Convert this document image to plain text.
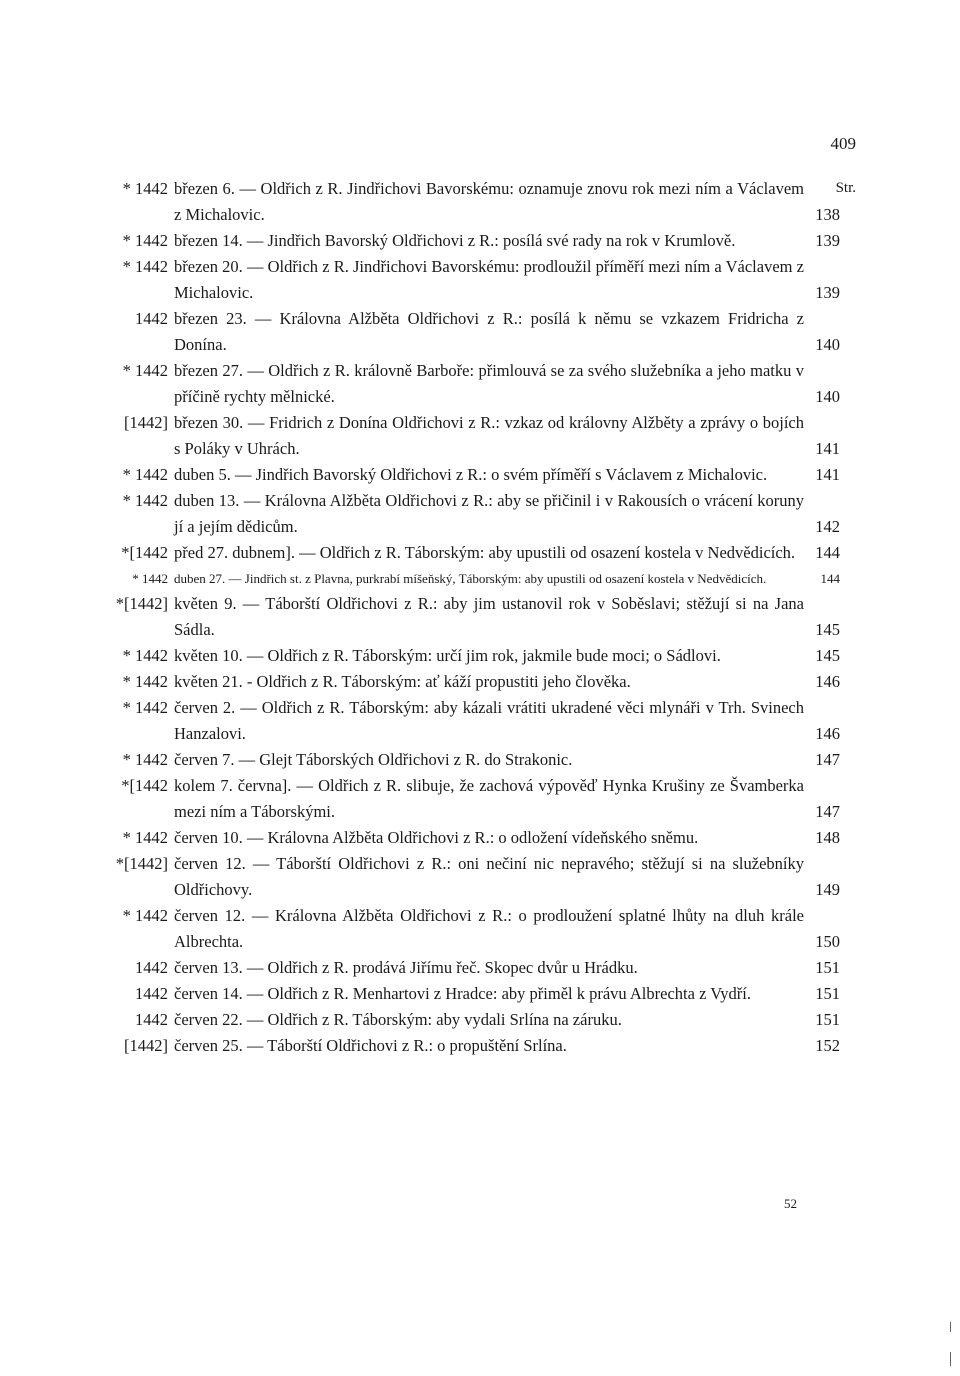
409
Str.
* 1442 březen 6. — Oldřich z R. Jindřichovi Bavorskému: oznamuje znovu rok mezi ním a Václavem z Michalovic.	138
* 1442 březen 14. — Jindřich Bavorský Oldřichovi z R.: posílá své rady na rok v Krumlově.	139
* 1442 březen 20. — Oldřich z R. Jindřichovi Bavorskému: prodloužil příměří mezi ním a Václavem z Michalovic.	139
1442 březen 23. — Královna Alžběta Oldřichovi z R.: posílá k němu se vzkazem Fridricha z Donína.	140
* 1442 březen 27. — Oldřich z R. královně Barboře: přimlouvá se za svého služebníka a jeho matku v příčině rychty mělnické.	140
[1442] březen 30. — Fridrich z Donína Oldřichovi z R.: vzkaz od královny Alžběty a zprávy o bojích s Poláky v Uhrách.	141
* 1442 duben 5. — Jindřich Bavorský Oldřichovi z R.: o svém příměří s Václavem z Michalovic.	141
* 1442 duben 13. — Královna Alžběta Oldřichovi z R.: aby se přičinil i v Rakousích o vrácení koruny jí a jejím dědicům.	142
*[1442 před 27. dubnem]. — Oldřich z R. Táborským: aby upustili od osazení kostela v Nedvědicích.	144
* 1442 duben 27. — Jindřich st. z Plavna, purkrabí míšeňský, Táborským: aby upustili od osazení kostela v Nedvědicích.	144
*[1442] květen 9. — Táborští Oldřichovi z R.: aby jim ustanovil rok v Soběslavi; stěžují si na Jana Sádla.	145
* 1442 květen 10. — Oldřich z R. Táborským: určí jim rok, jakmile bude moci; o Sádlovi.	145
* 1442 květen 21. - Oldřich z R. Táborským: ať káží propustiti jeho člověka.	146
* 1442 červen 2. — Oldřich z R. Táborským: aby kázali vrátiti ukradené věci mlynáři v Trh. Svinech Hanzalovi.	146
* 1442 červen 7. — Glejt Táborských Oldřichovi z R. do Strakonic.	147
*[1442 kolem 7. června]. — Oldřich z R. slibuje, že zachová výpověď Hynka Krušiny ze Švamberka mezi ním a Táborskými.	147
* 1442 červen 10. — Královna Alžběta Oldřichovi z R.: o odložení vídeňského sněmu.	148
*[1442] červen 12. — Táborští Oldřichovi z R.: oni nečiní nic nepravého; stěžují si na služebníky Oldřichovy.	149
* 1442 červen 12. — Královna Alžběta Oldřichovi z R.: o prodloužení splatné lhůty na dluh krále Albrechta.	150
1442 červen 13. — Oldřich z R. prodává Jiřímu řeč. Skopec dvůr u Hrádku.	151
1442 červen 14. — Oldřich z R. Menhartovi z Hradce: aby přiměl k právu Albrechta z Vydří.	151
1442 červen 22. — Oldřich z R. Táborským: aby vydali Srlína na záruku.	151
[1442] červen 25. — Táborští Oldřichovi z R.: o propuštění Srlína.	152
52
